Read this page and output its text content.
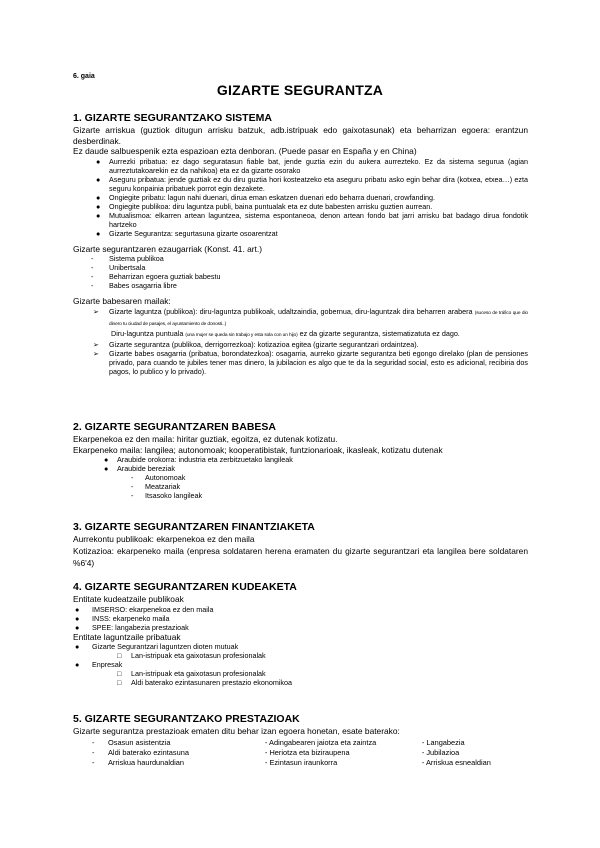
6. gaia
GIZARTE SEGURANTZA
1. GIZARTE SEGURANTZAKO SISTEMA

Gizarte arriskua (guztiok ditugun arrisku batzuk, adb.istripuak edo gaixotasunak) eta beharrizan egoera: erantzun desberdinak.

Ez daude salbuespenik ezta espazioan ezta denboran. (Puede pasar en España y en China)

● Aurrezki pribatua: ez dago seguratasun fiable bat, jende guztia ezin du aukera aurrezteko. Ez da sistema segurua (agian aurreztutakoarekin ez da nahikoa) eta ez da gizarte osorako
● Aseguru pribatua: jende guztiak ez du diru guztia hori kosteatzeko eta aseguru pribatu asko egin behar dira (kotxea, etxea…) ezta seguru konpainia pribatuek porrot egin dezakete.
● Ongiegite pribatu: lagun nahi duenari, dirua eman eskatzen duenari edo beharra duenari, crowfanding.
● Ongiegite publikoa: diru laguntza publi, baina puntualak eta ez dute babesten arrisku guztien aurrean.
● Mutualismoa: elkarren artean laguntzea, sistema espontaneoa, denon artean fondo bat jarri arrisku bat badago dirua fondotik hartzeko
● Gizarte Segurantza: segurtasuna gizarte osoarentzat

Gizarte segurantzaren ezaugarriak (Konst. 41. art.)

- Sistema publikoa
- Unibertsala
- Beharrizan egoera guztiak babestu
- Babes osagarria libre

Gizarte babesaren mailak:

➢ Gizarte laguntza (publikoa): diru-laguntza publikoak, udaltzaindia, gobernua, diru-laguntzak dira beharren arabera (suceso de tráfico que dio dinero tu ciudad de pasajes, el ayuntamiento de donosti..)
Diru-laguntza puntuala (una mujer se queda sin trabajo y esta sola con un hijo) ez da gizarte segurantza, sistematizatuta ez dago.
➢ Gizarte segurantza (publikoa, derrigorrezkoa): kotizazioa egitea (gizarte segurantzari ordaintzea).
➢ Gizarte babes osagarria (pribatua, borondatezkoa): osagarria, aurreko gizarte segurantza beti egongo direlako (plan de pensiones privado, para cuando te jubiles tener mas dinero, la jubilacion es algo que te da la seguridad social, esto es adicional, recibiria dos pagos, lo publico y lo privado).
2. GIZARTE SEGURANTZAREN BABESA

Ekarpenekoa ez den maila: hiritar guztiak, egoitza, ez dutenak kotizatu.

Ekarpeneko maila: langilea; autonomoak; kooperatibistak, funtzionarioak, ikasleak, kotizatu dutenak

● Araubide orokorra: industria eta zerbitzuetako langileak
● Araubide bereziak
- Autonomoak
- Meatzariak
- Itsasoko langileak
3. GIZARTE SEGURANTZAREN FINANTZIAKETA

Aurrekontu publikoak: ekarpenekoa ez den maila

Kotizazioa: ekarpeneko maila (enpresa soldataren herena eramaten du gizarte segurantzari eta langilea bere soldataren %6'4)

4. GIZARTE SEGURANTZAREN KUDEAKETA

Entitate kudeatzaile publikoak

● IMSERSO: ekarpenekoa ez den maila
● INSS: ekarpeneko maila
● SPEE: langabezia prestazioak

Entitate laguntzaile pribatuak

● Gizarte Segurantzari laguntzen dioten mutuak
□ Lan-istripuak eta gaixotasun profesionalak
● Enpresak
□ Lan-istripuak eta gaixotasun profesionalak
□ Aldi baterako ezintasunaren prestazio ekonomikoa
5. GIZARTE SEGURANTZAKO PRESTAZIOAK

Gizarte segurantza prestazioak ematen ditu behar izan egoera honetan, esate baterako:

- Osasun asistentzia
- Aldi baterako ezintasuna
- Arriskua haurdunaldian
- Adingabearen jaiotza eta zaintza
- Heriotza eta biziraupena
- Ezintasun iraunkorra
- Langabezia
- Jubilazioa
- Arriskua esnealdian
